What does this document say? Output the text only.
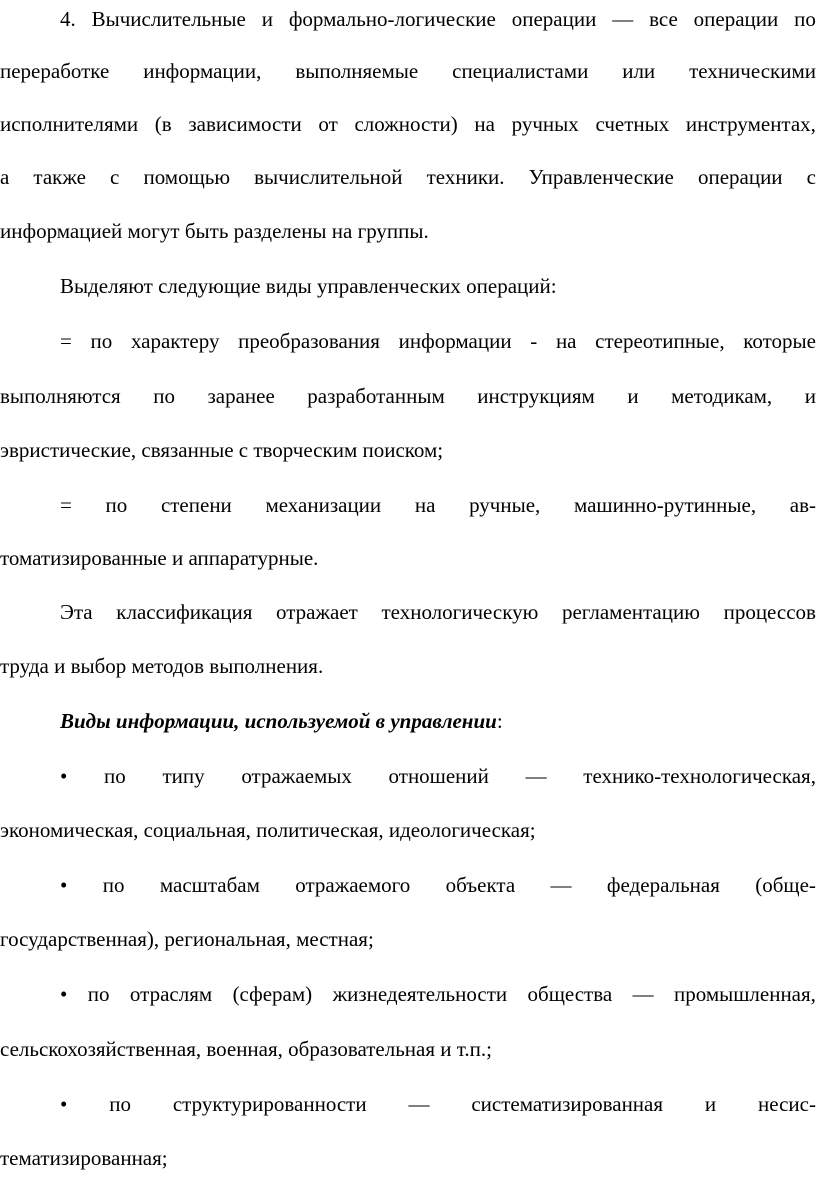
4. Вычислительные и формально-логические операции — все операции по
переработке информации, выполняемые специалистами или техническими
исполнителями (в зависимости от сложности) на ручных счетных инструментах,
а также с помощью вычислительной техники. Управленческие операции с
информацией могут быть разделены на группы.
Выделяют следующие виды управленческих операций:
= по характеру преобразования информации - на стереотипные, которые
выполняются по заранее разработанным инструкциям и методикам, и
эвристические, связанные с творческим поиском;
= по степени механизации на ручные, машинно-рутинные, ав-
томатизированные и аппаратурные.
Эта классификация отражает технологическую регламентацию процессов
труда и выбор методов выполнения.
Виды информации, используемой в управлении:
• по типу отражаемых отношений — технико-технологическая,
экономическая, социальная, политическая, идеологическая;
• по масштабам отражаемого объекта — федеральная (обще-
государственная), региональная, местная;
• по отраслям (сферам) жизнедеятельности общества — промышленная,
сельскохозяйственная, военная, образовательная и т.п.;
• по структурированности — систематизированная и несис-
тематизированная;
